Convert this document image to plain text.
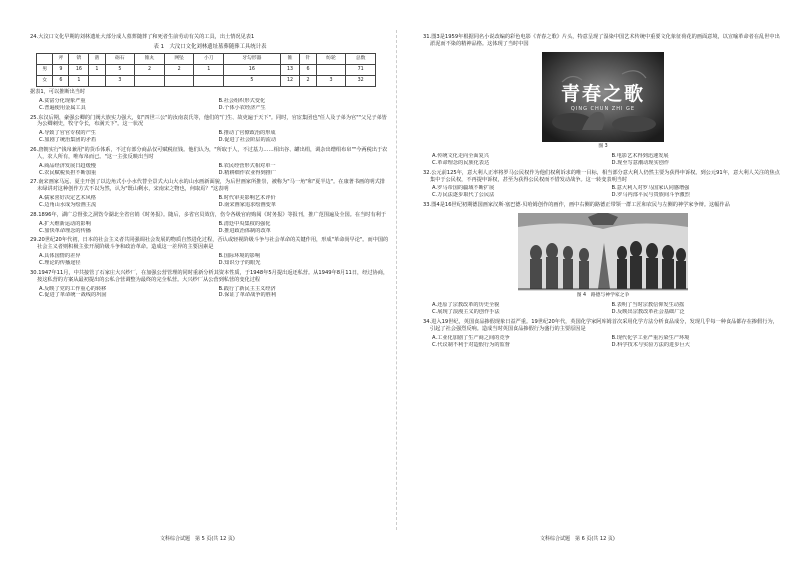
24.大汶口文化早期的刘林遗址大部分成人墓葬随葬了和死者生前劳动有关的工具，出土情况见表1
表 1　大汶口文化刘林遗址墓葬随葬工具统计表
	斧	锛	凿	砺石	锥丸	网坠	小刀	牙勾形器	锥	针	纺轮	总数
男	9	16	1	5	2	2	1	16	13	6		71
女	6	1		3				5	12	2	3	32
据表1，可以推断出当时
A.贫富分化现象严重	B.社会组织形式变化
C.普遍使用金属工具	D.个体小农经济产生
25.东汉后期，豪强公卿的门阀大族实力强大，如"四世三公"的汝南袁氏等，他们的"门生、故吏遍于天下"。同时，官宦集团也"任人及子弟为官""父兄子弟皆为公卿刺史，牧守令长，布满天下"。这一状况
A.导致了官官专权的产生	B.推动了官僚政治的形成
C.加剧了统治集团的矛盾	D.促进了社会阶层的流动
26.唐朝实行"钱帛兼用"的货币体系，不过有部分商品仅可赋税征钱。他们认为，"所取于人，不过基力……相出谷、罐出绢，调杂出缯绢布帛""今两税出于农人，农人所有，唯布帛而已。"这一主张反映出当时
A.商品经济发展日趋缓慢	B.农民经营形式相对单一
C.农民赋税负担不断加重	D.精耕细作农业得到推广
27.南宋画家马远、夏圭开创了以边角式小小水代替全景式大山大水的山水画新面貌，为后世画家所推崇，被称为"马一角"和"夏半边"。在康著书画的明式排未绿讲对这种创作方式不以为然，认为"既山剩水，宋南宋之物也，何取焉？"这表明
A.儒家喜好决定艺术风格	B.时代审美影响艺术评价
C.边角山水成为绘画主流	D.南宋画家追求绘画变革
28.1896年，湖广总督张之洞饬令湖北全省官销《时务报》。随后，多省官员效仿，伤令各级官府购阅《时务报》等报刊，推广范围遍及全国。在当时有利于
A.扩大维新运动的影响	B.清廷中央集权的强化
C.加快革命理念的传播	D.推进政治体制的改革
29.20世纪20年代初，日本的社会主义者共同强调社会发展的物质自然进化过程，否认或轻视阶级斗争与社会革命的关键作用，形成"革命尚早论"。而中国的社会主义者则积极主张开展阶级斗争和政治革命。造成这一差异的主要因素是
A.具体国情的差异	B.国际环境的影响
C.理论的传播途径	D.知识分子的眼光
30.1947年11月，中共接管了石家庄大兴纱厂，在加强公营管理的同时重新分析其资本性质，于1948年5月提出返还私营。从1949年8月11日，经过协商，按这私营的方案从最初提出的公私合营调整为最终的完全私营。大兴纱厂从公营到私营的变化过程
A.反映了党的工作重心的转移	B.践行了新民主主义经济
C.促进了革命统一战线的巩固	D.保证了革命战争的胜利
31.图3是1959年根据同名小说改编的彩色电影《青春之歌》片头，特意呈现了湿染中国艺术传统中重要文化象征荷花的画面意境，以宣喻革命者在乱世中出淤泥而不染的精神品格。这体现了当时中国
青春之歌
QING CHUN ZHI GE
图 3
A.传统文化走向全面复兴	B.电影艺术得到迅速发展
C.革命理念的民族化表达	D.现至写意潮动现实创作
32.公元前125年，意大利人正率将罗马公民权作为他们权利诉求的唯一目标，相当部分意大利人仍然主要为获得申诉权。到公元91年，意大利人关注的焦点集中于公民权，不再提申诉权，甚至为获得公民权而不惜发动战争。这一转变表明当时
A.罗马帝国的疆域不断扩展	B.意大利人对罗马国家认同感增强
C.万民法逐步取代了公民法	D.罗马内部平民与贵族间斗争激烈
33.图4是16世纪初期德国画家汉斯·塞巴德·贝哈姆创作的画作，画中右侧的路德正带领一群工匠和农民与左侧的神学家争辩。这幅作品
图 4　路德与神学家之争
A.还原了宗教改革的历史全貌	B.表明了当时宗教信仰发生动摇
C.展现了浪漫主义的创作手法	D.反映出宗教改革社会基础广泛
34.进入19世纪，英国食品掺假现象日益严重。19世纪20年代，英国化学家阿库姆首次采用化学方法分析食品成分，发现几乎每一种食品都存在掺假行为，引起了社会强烈反响。造成当时英国食品掺假行为盛行的主要原因是
A.工业化加剧了生产商之间的竞争	B.现代化学工业严重污染生产环境
C.代议制不利于对造假行为的监督	D.科学技术与实验方法的进步巨大
文科综合试题　第 5 页(共 12 页)	文科综合试题　第 6 页(共 12 页)
